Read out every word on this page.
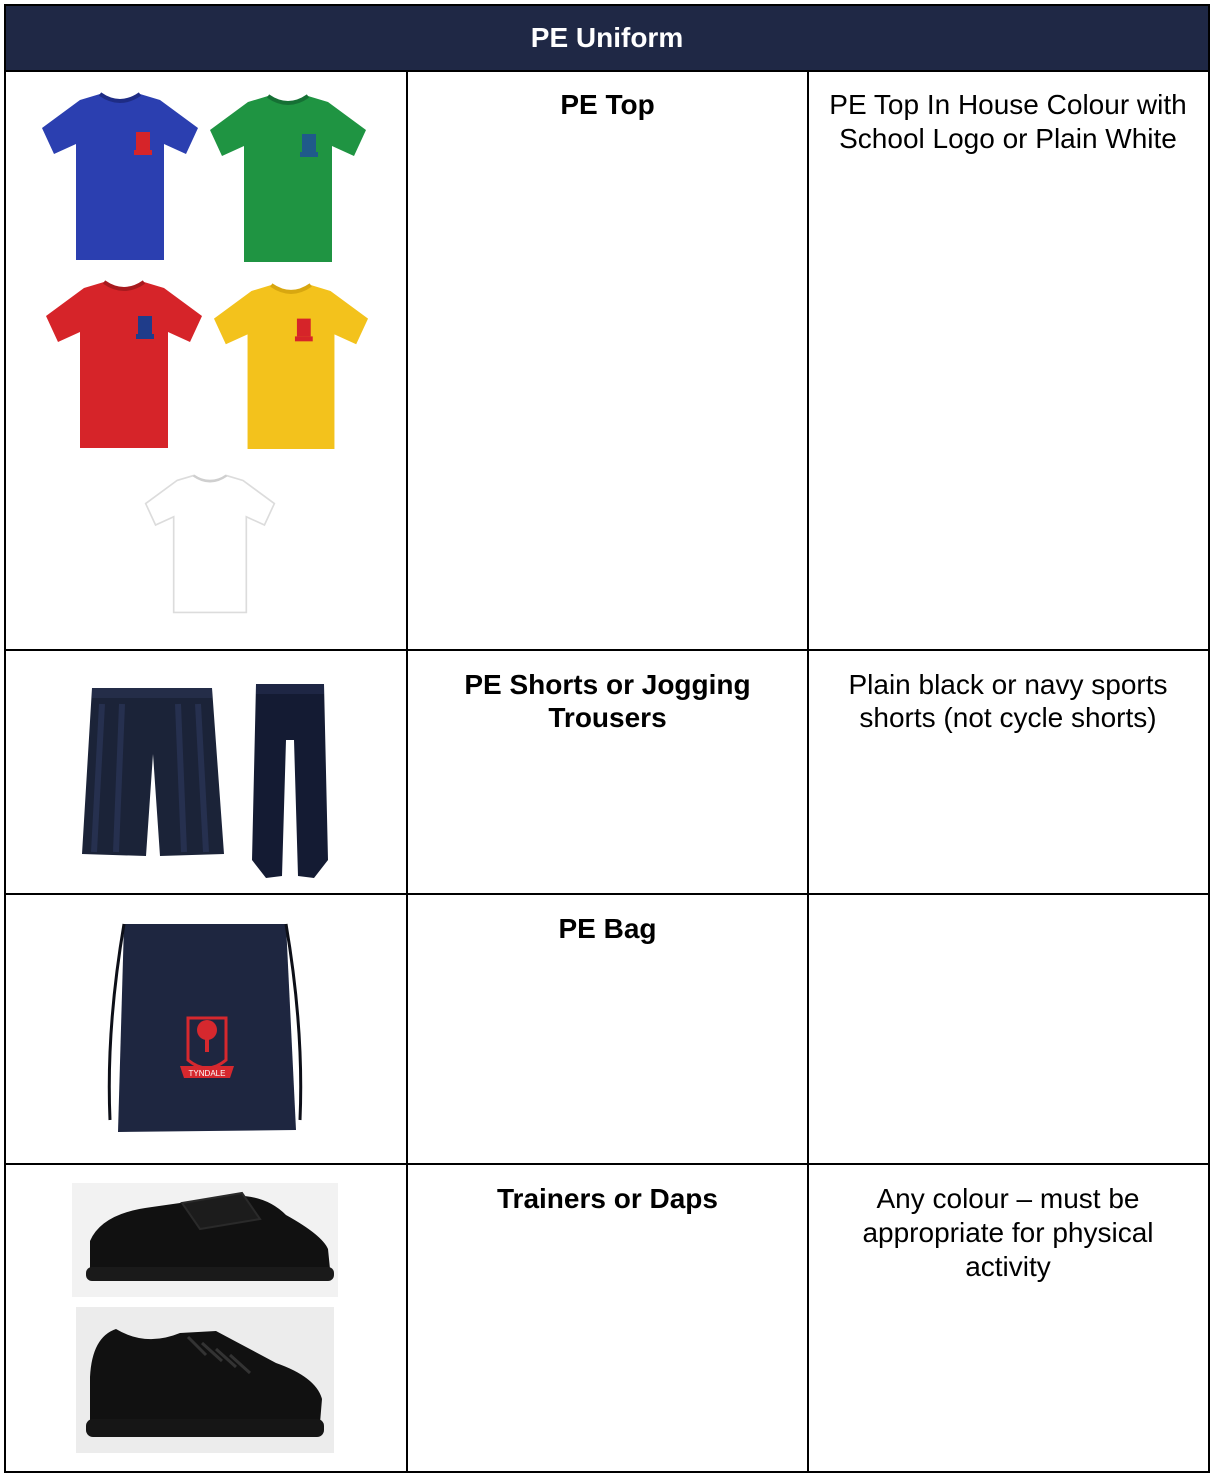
PE Uniform
PE Top	PE Top In House Colour with School Logo or Plain White
PE Shorts or Jogging Trousers
Plain black or navy sports shorts (not cycle shorts)
TYNDALE
PE Bag
Trainers or Daps	Any colour – must be appropriate for physical activity
